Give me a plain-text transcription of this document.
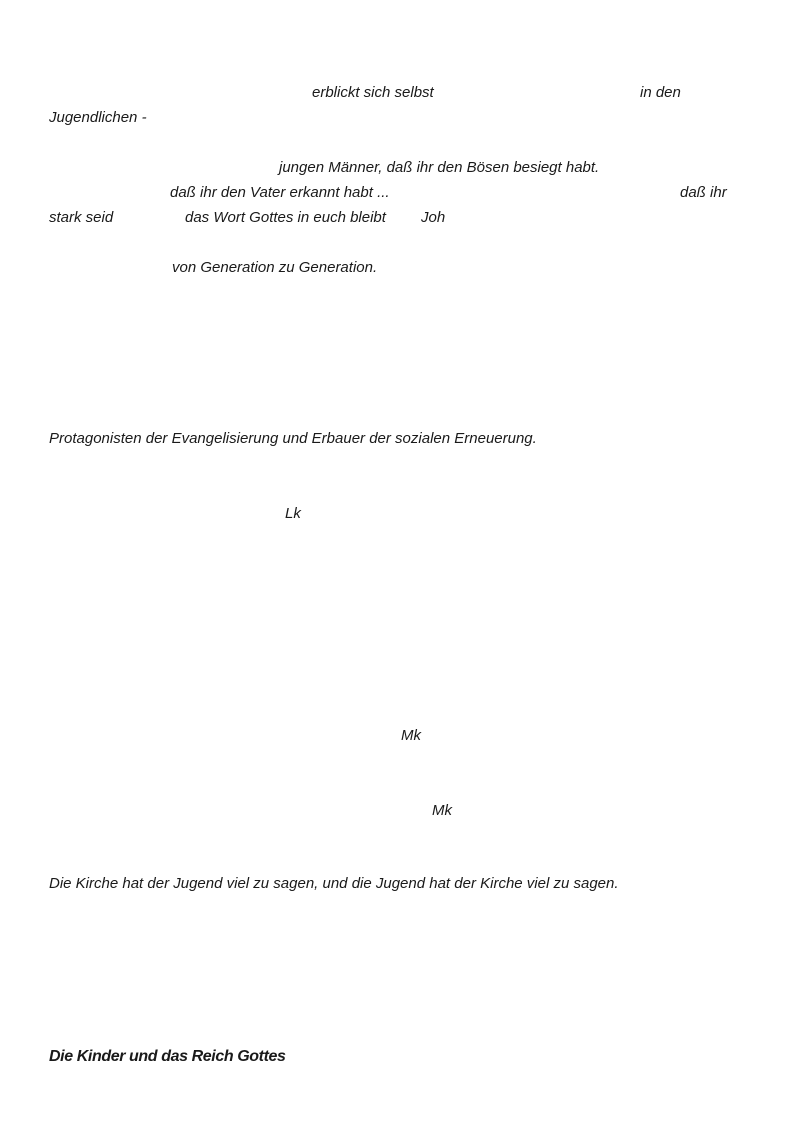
erblickt sich selbst	in den
Jugendlichen -
jungen Männer, daß ihr den Bösen besiegt habt.
daß ihr den Vater erkannt habt ...	daß ihr
stark seid	das Wort Gottes in euch bleibt Joh
von Generation zu Generation.
Protagonisten der Evangelisierung und Erbauer der sozialen Erneuerung.
Lk
Mk
Mk
Die Kirche hat der Jugend viel zu sagen, und die Jugend hat der Kirche viel zu sagen.
Die Kinder und das Reich Gottes
